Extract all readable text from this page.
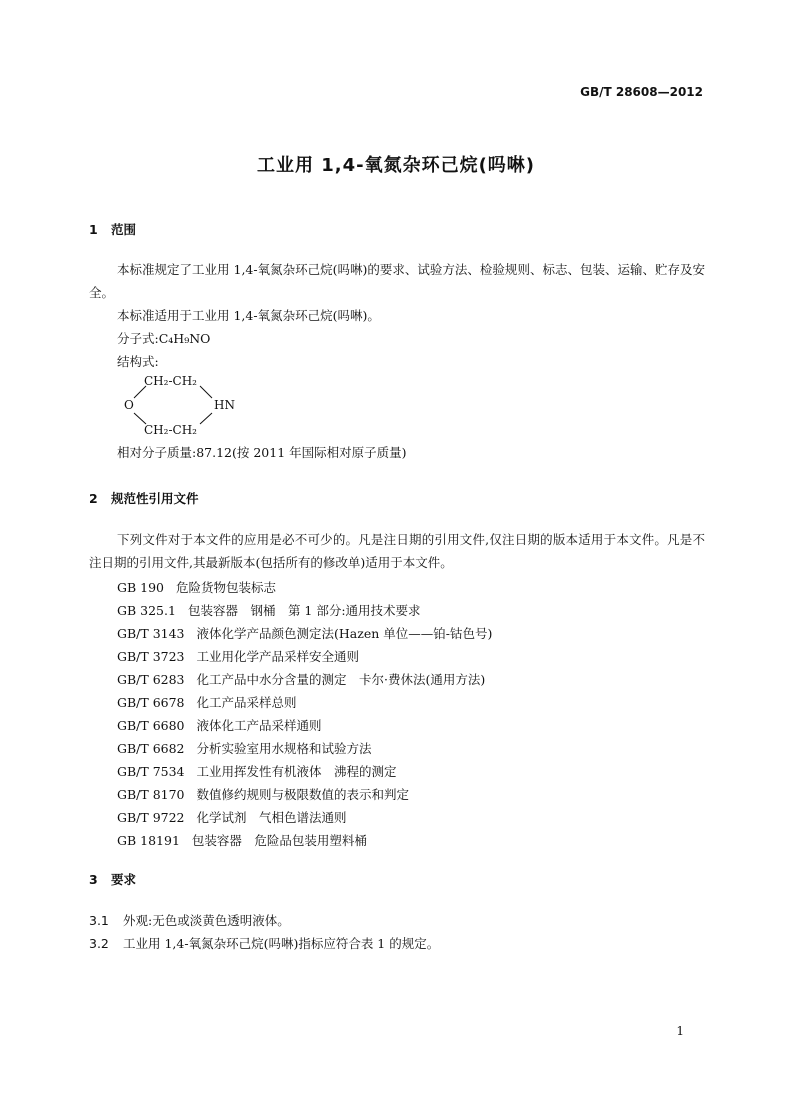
GB/T 28608—2012
工业用 1,4-氧氮杂环己烷(吗啉)
1 范围
本标准规定了工业用 1,4-氧氮杂环己烷(吗啉)的要求、试验方法、检验规则、标志、包装、运输、贮存及安全。
本标准适用于工业用 1,4-氧氮杂环己烷(吗啉)。
分子式:C₄H₉NO
结构式:
CH₂-CH₂
O	HN
CH₂-CH₂
相对分子质量:87.12(按 2011 年国际相对原子质量)
2 规范性引用文件
下列文件对于本文件的应用是必不可少的。凡是注日期的引用文件,仅注日期的版本适用于本文件。凡是不注日期的引用文件,其最新版本(包括所有的修改单)适用于本文件。
GB 190 危险货物包装标志
GB 325.1 包装容器　钢桶　第 1 部分:通用技术要求
GB/T 3143 液体化学产品颜色测定法(Hazen 单位——铂-钴色号)
GB/T 3723 工业用化学产品采样安全通则
GB/T 6283 化工产品中水分含量的测定　卡尔·费休法(通用方法)
GB/T 6678 化工产品采样总则
GB/T 6680 液体化工产品采样通则
GB/T 6682 分析实验室用水规格和试验方法
GB/T 7534 工业用挥发性有机液体　沸程的测定
GB/T 8170 数值修约规则与极限数值的表示和判定
GB/T 9722 化学试剂　气相色谱法通则
GB 18191 包装容器　危险品包装用塑料桶
3 要求
3.1 外观:无色或淡黄色透明液体。
3.2 工业用 1,4-氧氮杂环己烷(吗啉)指标应符合表 1 的规定。
1
